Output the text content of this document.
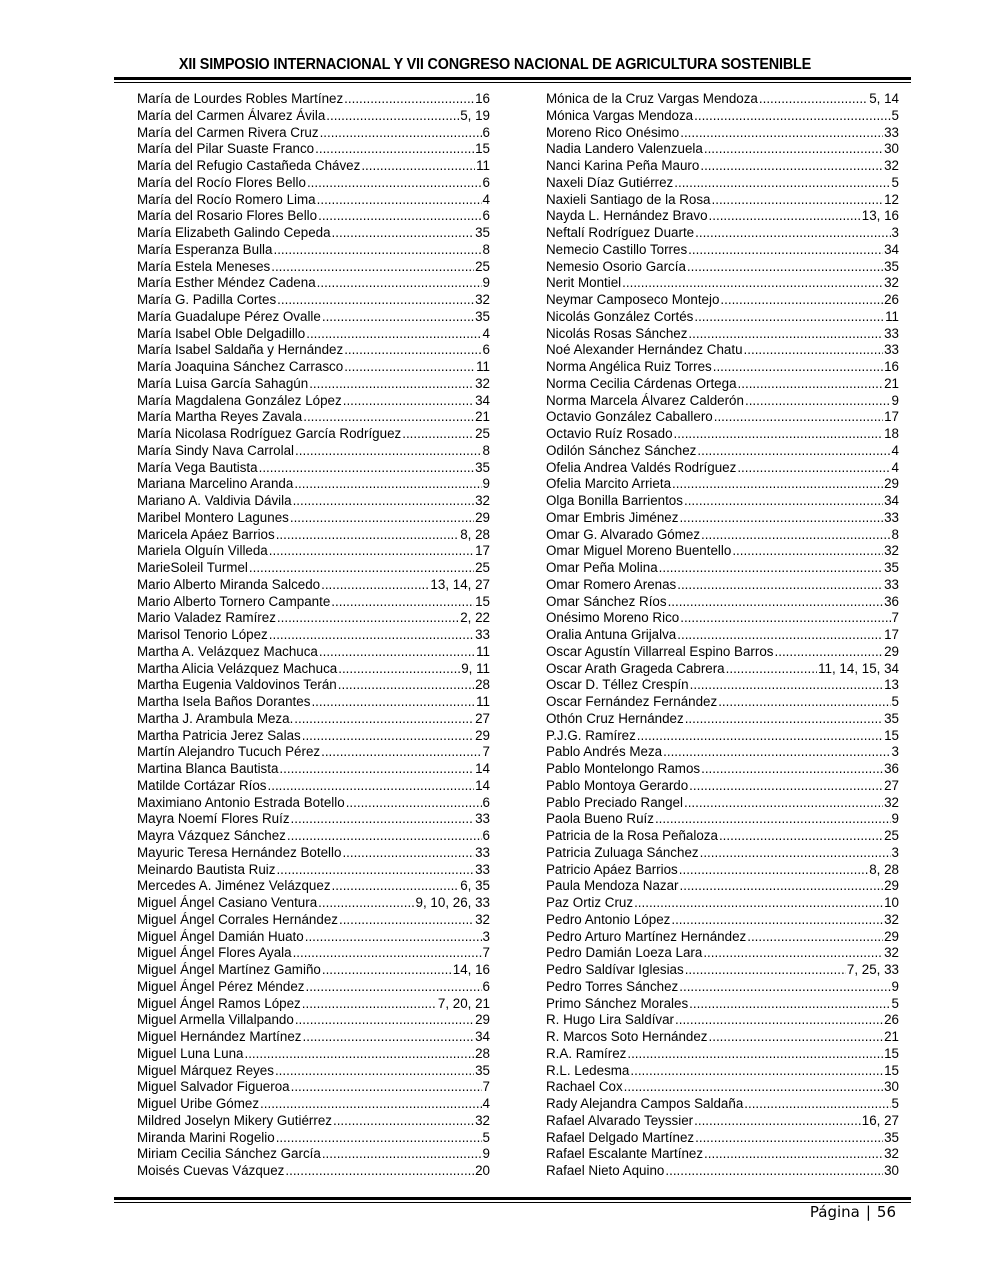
XII SIMPOSIO INTERNACIONAL Y VII CONGRESO NACIONAL DE AGRICULTURA SOSTENIBLE
María de Lourdes Robles Martínez .....	16
María del Carmen Álvarez Ávila .....	5, 19
María del Carmen Rivera Cruz .....	6
María del Pilar Suaste Franco .....	15
María del Refugio Castañeda Chávez .....	11
María del Rocío Flores Bello .....	6
María del Rocío Romero Lima .....	4
María del Rosario Flores Bello .....	6
María Elizabeth Galindo Cepeda .....	35
María Esperanza Bulla .....	8
María Estela Meneses .....	25
María Esther Méndez Cadena .....	9
María G. Padilla Cortes .....	32
María Guadalupe Pérez Ovalle .....	35
María Isabel Oble Delgadillo .....	4
María Isabel Saldaña y Hernández .....	6
María Joaquina Sánchez Carrasco .....	11
María Luisa García Sahagún .....	32
María Magdalena González López .....	34
María Martha Reyes Zavala .....	21
María Nicolasa Rodríguez García Rodríguez .....	25
María Sindy Nava Carrolal .....	8
María Vega Bautista .....	35
Mariana Marcelino Aranda .....	9
Mariano A. Valdivia Dávila .....	32
Maribel Montero Lagunes .....	29
Maricela Apáez Barrios .....	8, 28
Mariela Olguín Villeda .....	17
MarieSoleil Turmel .....	25
Mario Alberto Miranda Salcedo .....	13, 14, 27
Mario Alberto Tornero Campante .....	15
Mario Valadez Ramírez .....	2, 22
Marisol Tenorio López .....	33
Martha A. Velázquez Machuca .....	11
Martha Alicia Velázquez Machuca .....	9, 11
Martha Eugenia Valdovinos Terán .....	28
Martha Isela Baños Dorantes .....	11
Martha J. Arambula Meza. .....	27
Martha Patricia Jerez Salas .....	29
Martín Alejandro Tucuch Pérez .....	7
Martina Blanca Bautista .....	14
Matilde Cortázar Ríos .....	14
Maximiano Antonio Estrada Botello .....	6
Mayra Noemí Flores Ruíz .....	33
Mayra Vázquez Sánchez .....	6
Mayuric Teresa Hernández Botello .....	33
Meinardo Bautista Ruiz .....	33
Mercedes A. Jiménez Velázquez .....	6, 35
Miguel Ángel Casiano Ventura .....	9, 10, 26, 33
Miguel Ángel Corrales Hernández .....	32
Miguel Ángel Damián Huato .....	3
Miguel Ángel Flores Ayala .....	7
Miguel Ángel Martínez Gamiño .....	14, 16
Miguel Ángel Pérez Méndez .....	6
Miguel Ángel Ramos López .....	7, 20, 21
Miguel Armella Villalpando .....	29
Miguel Hernández Martínez .....	34
Miguel Luna Luna .....	28
Miguel Márquez Reyes .....	35
Miguel Salvador Figueroa .....	7
Miguel Uribe Gómez .....	4
Mildred Joselyn Mikery Gutiérrez .....	32
Miranda Marini Rogelio .....	5
Miriam Cecilia Sánchez García .....	9
Moisés Cuevas Vázquez .....	20
Mónica de la Cruz Vargas Mendoza .....	5, 14
Mónica Vargas Mendoza .....	5
Moreno Rico Onésimo .....	33
Nadia Landero Valenzuela .....	30
Nanci Karina Peña Mauro .....	32
Naxeli Díaz Gutiérrez .....	5
Naxieli Santiago de la Rosa .....	12
Nayda L. Hernández Bravo .....	13, 16
Neftalí Rodríguez Duarte .....	3
Nemecio Castillo Torres .....	34
Nemesio Osorio García .....	35
Nerit Montiel .....	32
Neymar Camposeco Montejo .....	26
Nicolás González Cortés .....	11
Nicolás Rosas Sánchez .....	33
Noé Alexander Hernández Chatu .....	33
Norma Angélica Ruiz Torres .....	16
Norma Cecilia Cárdenas Ortega .....	21
Norma Marcela Álvarez Calderón .....	9
Octavio González Caballero .....	17
Octavio Ruíz Rosado .....	18
Odilón Sánchez Sánchez .....	4
Ofelia Andrea Valdés Rodríguez .....	4
Ofelia Marcito Arrieta .....	29
Olga Bonilla Barrientos .....	34
Omar Embris Jiménez .....	33
Omar G. Alvarado Gómez .....	8
Omar Miguel Moreno Buentello .....	32
Omar Peña Molina .....	35
Omar Romero Arenas .....	33
Omar Sánchez Ríos .....	36
Onésimo Moreno Rico .....	7
Oralia Antuna Grijalva .....	17
Oscar Agustín Villarreal Espino Barros .....	29
Oscar Arath Grageda Cabrera .....	11, 14, 15, 34
Oscar D. Téllez Crespín .....	13
Oscar Fernández Fernández .....	5
Othón Cruz Hernández .....	35
P.J.G. Ramírez .....	15
Pablo Andrés Meza .....	3
Pablo Montelongo Ramos .....	36
Pablo Montoya Gerardo .....	27
Pablo Preciado Rangel .....	32
Paola Bueno Ruíz .....	9
Patricia de la Rosa Peñaloza .....	25
Patricia Zuluaga Sánchez .....	3
Patricio Apáez Barrios .....	8, 28
Paula Mendoza Nazar .....	29
Paz Ortiz Cruz .....	10
Pedro Antonio López .....	32
Pedro Arturo Martínez Hernández .....	29
Pedro Damián Loeza Lara .....	32
Pedro Saldívar Iglesias .....	7, 25, 33
Pedro Torres Sánchez .....	9
Primo Sánchez Morales .....	5
R. Hugo Lira Saldívar .....	26
R. Marcos Soto Hernández .....	21
R.A. Ramírez .....	15
R.L. Ledesma .....	15
Rachael Cox .....	30
Rady Alejandra Campos Saldaña .....	5
Rafael Alvarado Teyssier .....	16, 27
Rafael Delgado Martínez .....	35
Rafael Escalante Martínez .....	32
Rafael Nieto Aquino .....	30
Página | 56
